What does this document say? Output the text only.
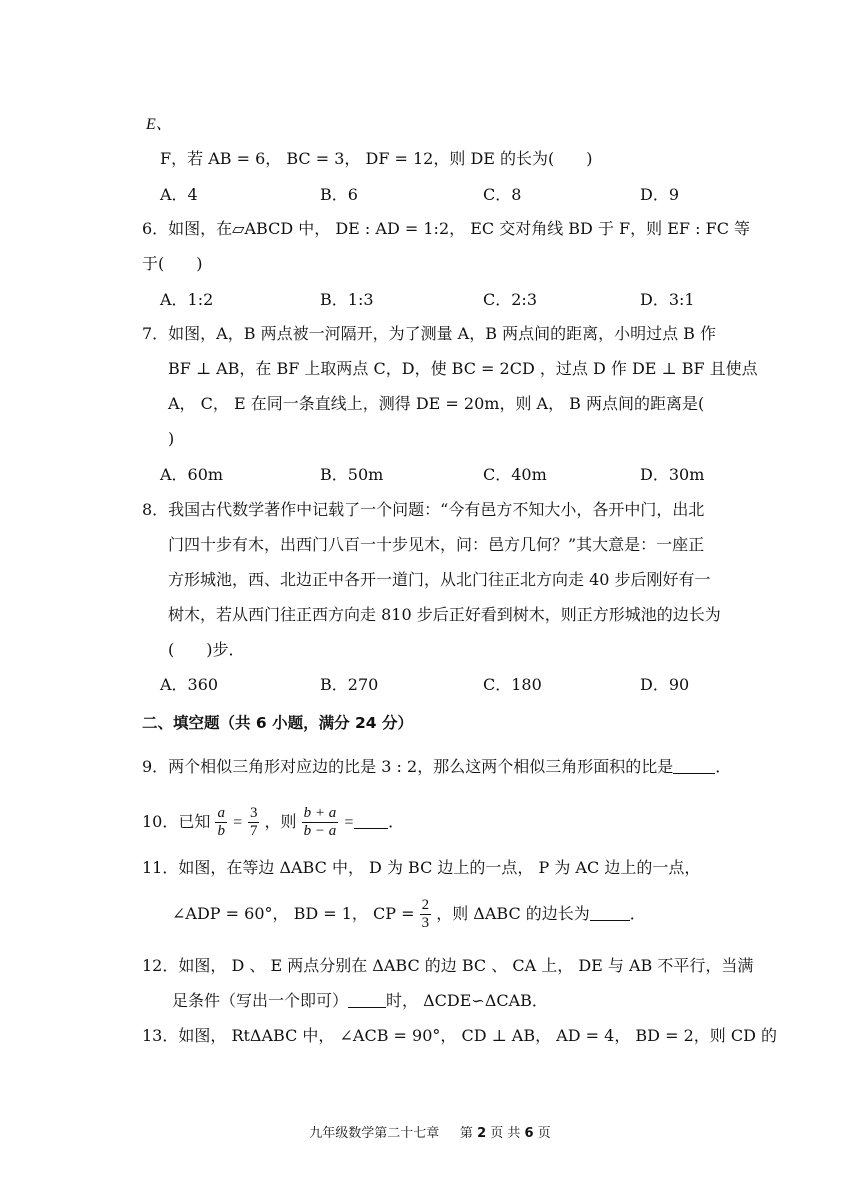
E、
F，若 AB = 6， BC = 3， DF = 12，则 DE 的长为(　　)
A．4	B．6	C．8	D．9
6．如图，在▱ABCD 中， DE : AD = 1:2， EC 交对角线 BD 于 F，则 EF : FC 等
于(　　)
A．1:2	B．1:3	C．2:3	D．3:1
7．如图，A，B 两点被一河隔开，为了测量 A，B 两点间的距离，小明过点 B 作
BF ⊥ AB，在 BF 上取两点 C，D，使 BC = 2CD ，过点 D 作 DE ⊥ BF 且使点
A， C， E 在同一条直线上，测得 DE = 20m，则 A， B 两点间的距离是(
)
A．60m	B．50m	C．40m	D．30m
8．我国古代数学著作中记载了一个问题：“今有邑方不知大小，各开中门，出北
门四十步有木，出西门八百一十步见木，问：邑方几何？”其大意是：一座正
方形城池，西、北边正中各开一道门，从北门往正北方向走 40 步后刚好有一
树木，若从西门往正西方向走 810 步后正好看到树木，则正方形城池的边长为
(　　)步．
A．360	B．270	C．180	D．90
二、填空题（共 6 小题，满分 24 分）
9．两个相似三角形对应边的比是 3 : 2，那么这两个相似三角形面积的比是	．
10．已知 $\frac{a}{b} = \frac{3}{7}$ ，则 $\frac{b + a}{b - a}$ = ．
11．如图，在等边 ΔABC 中， D 为 BC 边上的一点， P 为 AC 边上的一点，
∠ADP = 60°， BD = 1， CP = $\frac{2}{3}$ ，则 ΔABC 的边长为	．
12．如图， D 、 E 两点分别在 ΔABC 的边 BC 、 CA 上， DE 与 AB 不平行，当满
足条件（写出一个即可） 时， ΔCDE∽ΔCAB．
13．如图， RtΔABC 中， ∠ACB = 90°， CD ⊥ AB， AD = 4， BD = 2，则 CD 的
九年级数学第二十七章 第 2 页 共 6 页
